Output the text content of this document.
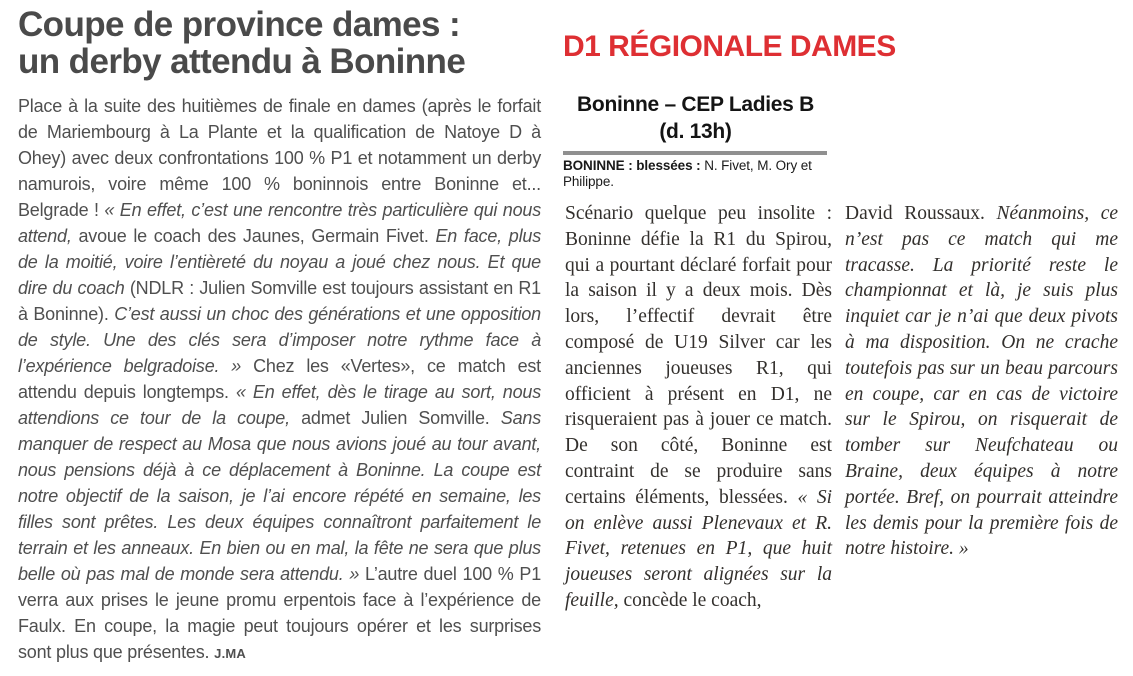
Coupe de province dames :
un derby attendu à Boninne

Place à la suite des huitièmes de finale en dames (après le forfait de Mariembourg à La Plante et la qualification de Natoye D à Ohey) avec deux confrontations 100 % P1 et notamment un derby namurois, voire même 100 % boninnois entre Boninne et... Belgrade ! « En effet, c’est une rencontre très particulière qui nous attend, avoue le coach des Jaunes, Germain Fivet. En face, plus de la moitié, voire l’entièreté du noyau a joué chez nous. Et que dire du coach (NDLR : Julien Somville est toujours assistant en R1 à Boninne). C’est aussi un choc des générations et une opposition de style. Une des clés sera d’imposer notre rythme face à l’expérience belgradoise. » Chez les «Vertes», ce match est attendu depuis longtemps. « En effet, dès le tirage au sort, nous attendions ce tour de la coupe, admet Julien Somville. Sans manquer de respect au Mosa que nous avions joué au tour avant, nous pensions déjà à ce déplacement à Boninne. La coupe est notre objectif de la saison, je l’ai encore répété en semaine, les filles sont prêtes. Les deux équipes connaîtront parfaitement le terrain et les anneaux. En bien ou en mal, la fête ne sera que plus belle où pas mal de monde sera attendu. » L’autre duel 100 % P1 verra aux prises le jeune promu erpentois face à l’expérience de Faulx. En coupe, la magie peut toujours opérer et les surprises sont plus que présentes. J.MA

D1 RÉGIONALE DAMES
Boninne – CEP Ladies B
(d. 13h)

BONINNE : blessées : N. Fivet, M. Ory et Philippe.

Scénario quelque peu insolite : Boninne défie la R1 du Spirou, qui a pourtant déclaré forfait pour la saison il y a deux mois. Dès lors, l’effectif devrait être composé de U19 Silver car les anciennes joueuses R1, qui officient à présent en D1, ne risqueraient pas à jouer ce match. De son côté, Boninne est contraint de se produire sans certains éléments, blessées. « Si on enlève aussi Plenevaux et R. Fivet, retenues en P1, que huit joueuses seront alignées sur la feuille, concède le coach,
David Roussaux. Néanmoins, ce n’est pas ce match qui me tracasse. La priorité reste le championnat et là, je suis plus inquiet car je n’ai que deux pivots à ma disposition. On ne crache toutefois pas sur un beau parcours en coupe, car en cas de victoire sur le Spirou, on risquerait de tomber sur Neufchateau ou Braine, deux équipes à notre portée. Bref, on pourrait atteindre les demis pour la première fois de notre histoire. »
